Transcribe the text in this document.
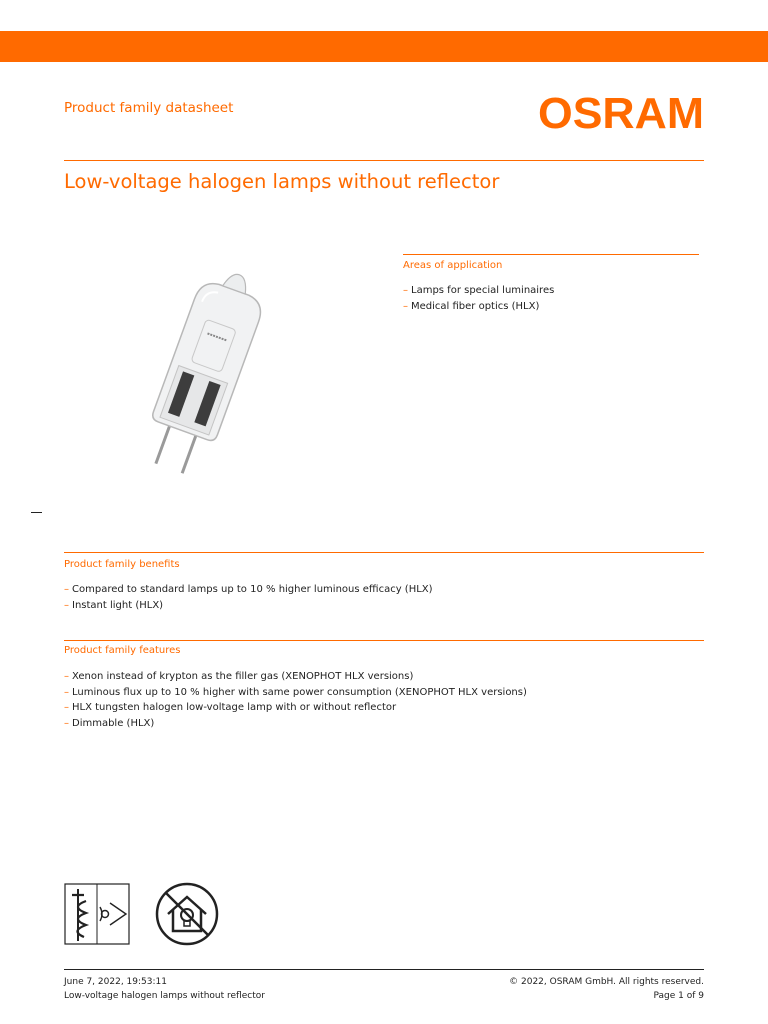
Product family datasheet	OSRAM
Low-voltage halogen lamps without reflector
Areas of application
– Lamps for special luminaires
– Medical fiber optics (HLX)
Product family benefits
– Compared to standard lamps up to 10 % higher luminous efficacy (HLX)
– Instant light (HLX)
Product family features
– Xenon instead of krypton as the filler gas (XENOPHOT HLX versions)
– Luminous flux up to 10 % higher with same power consumption (XENOPHOT HLX versions)
– HLX tungsten halogen low-voltage lamp with or without reflector
– Dimmable (HLX)
June 7, 2022, 19:53:11
Low-voltage halogen lamps without reflector
© 2022, OSRAM GmbH. All rights reserved.
Page 1 of 9
